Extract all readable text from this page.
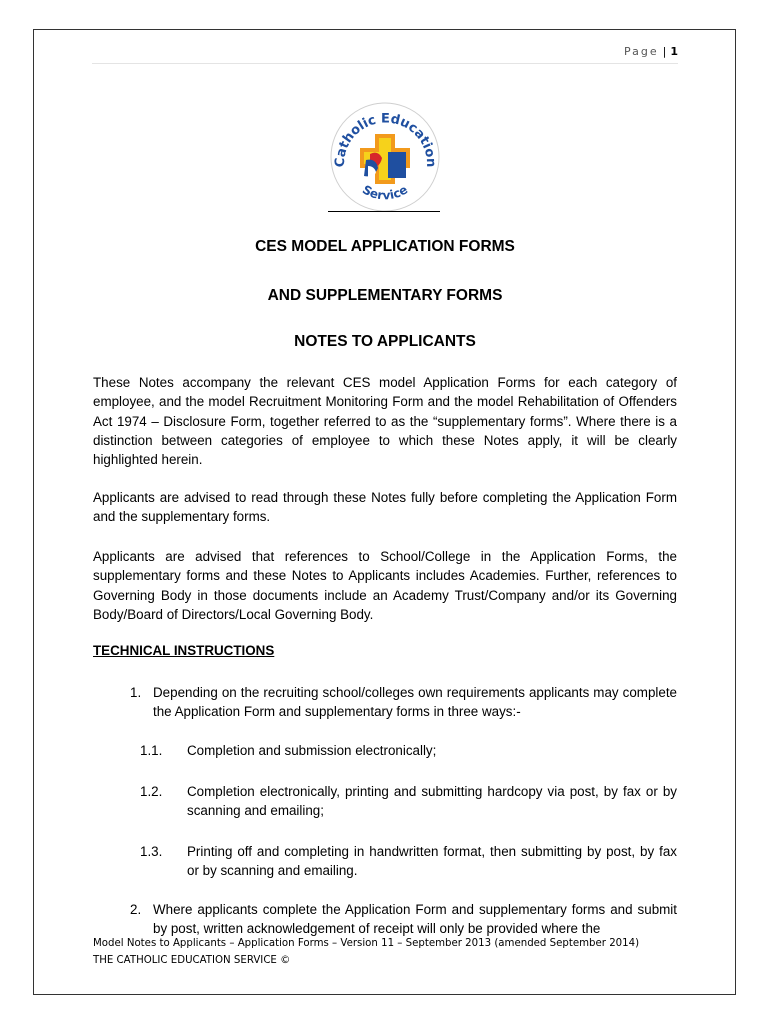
Page | 1
Catholic Education
Service
CES MODEL APPLICATION FORMS
AND SUPPLEMENTARY FORMS
NOTES TO APPLICANTS

These Notes accompany the relevant CES model Application Forms for each category of employee, and the model Recruitment Monitoring Form and the model Rehabilitation of Offenders Act 1974 – Disclosure Form, together referred to as the “supplementary forms”. Where there is a distinction between categories of employee to which these Notes apply, it will be clearly highlighted herein.

Applicants are advised to read through these Notes fully before completing the Application Form and the supplementary forms.

Applicants are advised that references to School/College in the Application Forms, the supplementary forms and these Notes to Applicants includes Academies. Further, references to Governing Body in those documents include an Academy Trust/Company and/or its Governing Body/Board of Directors/Local Governing Body.

TECHNICAL INSTRUCTIONS
1. Depending on the recruiting school/colleges own requirements applicants may complete the Application Form and supplementary forms in three ways:-
1.1.	Completion and submission electronically;
1.2.	Completion electronically, printing and submitting hardcopy via post, by fax or by scanning and emailing;
1.3.	Printing off and completing in handwritten format, then submitting by post, by fax or by scanning and emailing.
2. Where applicants complete the Application Form and supplementary forms and submit by post, written acknowledgement of receipt will only be provided where the
Model Notes to Applicants – Application Forms – Version 11 – September 2013 (amended September 2014)
THE CATHOLIC EDUCATION SERVICE ©
